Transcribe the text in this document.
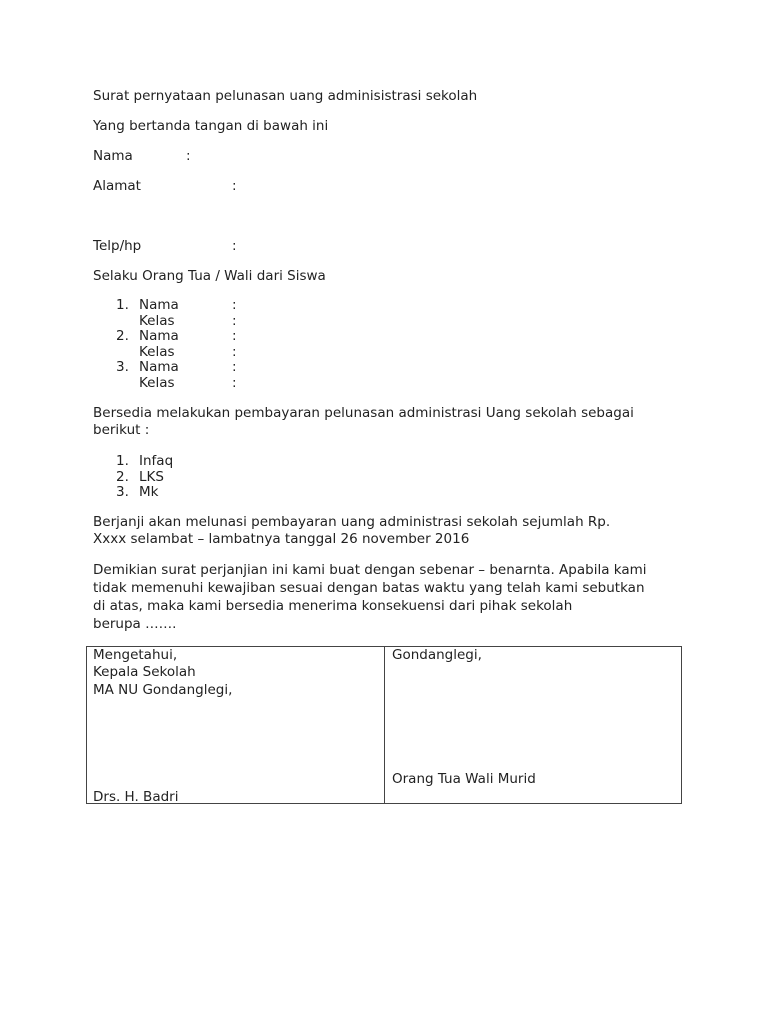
Surat pernyataan pelunasan uang adminisistrasi sekolah
Yang bertanda tangan di bawah ini
Nama	:
Alamat	:
Telp/hp	:
Selaku Orang Tua / Wali dari Siswa
1. Nama	:
Kelas	:
2. Nama	:
Kelas	:
3. Nama	:
Kelas	:
Bersedia melakukan pembayaran pelunasan administrasi Uang sekolah sebagai
berikut :
1. Infaq
2. LKS
3. Mk
Berjanji akan melunasi pembayaran uang administrasi sekolah sejumlah Rp.
Xxxx selambat – lambatnya tanggal 26 november 2016
Demikian surat perjanjian ini kami buat dengan sebenar – benarnta. Apabila kami
tidak memenuhi kewajiban sesuai dengan batas waktu yang telah kami sebutkan
di atas, maka kami bersedia menerima konsekuensi dari pihak sekolah
berupa …….
Mengetahui,
Kepala Sekolah
MA NU Gondanglegi,
Drs. H. Badri
Gondanglegi,
Orang Tua Wali Murid
